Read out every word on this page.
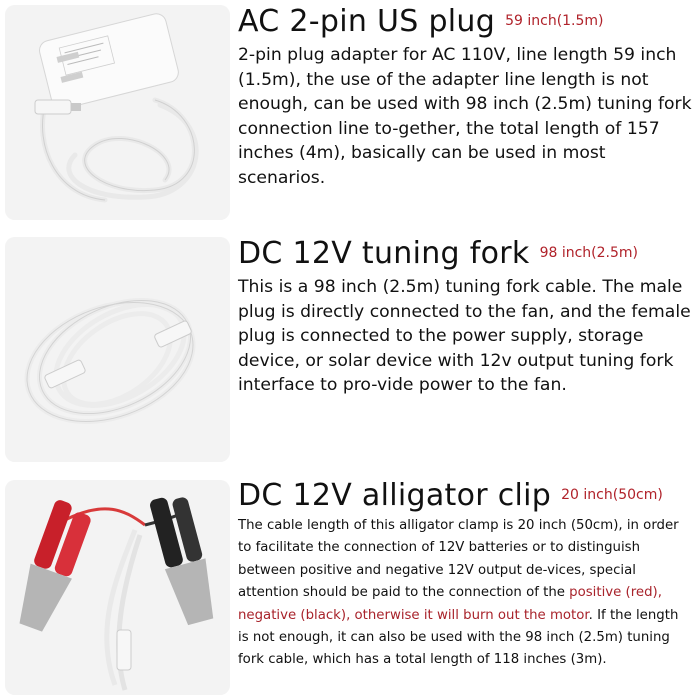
AC 2-pin US plug 59 inch(1.5m)
2-pin plug adapter for AC 110V, line length 59 inch (1.5m), the use of the adapter line length is not enough, can be used with 98 inch (2.5m) tuning fork connection line to-gether, the total length of 157 inches (4m), basically can be used in most scenarios.
DC 12V tuning fork 98 inch(2.5m)
This is a 98 inch (2.5m) tuning fork cable. The male plug is directly connected to the fan, and the female plug is connected to the power supply, storage device, or solar device with 12v output tuning fork interface to pro-vide power to the fan.
DC 12V alligator clip 20 inch(50cm)
The cable length of this alligator clamp is 20 inch (50cm), in order to facilitate the connection of 12V batteries or to distinguish between positive and negative 12V output de-vices, special attention should be paid to the connection of the positive (red), negative (black), otherwise it will burn out the motor. If the length is not enough, it can also be used with the 98 inch (2.5m) tuning fork cable, which has a total length of 118 inches (3m).
